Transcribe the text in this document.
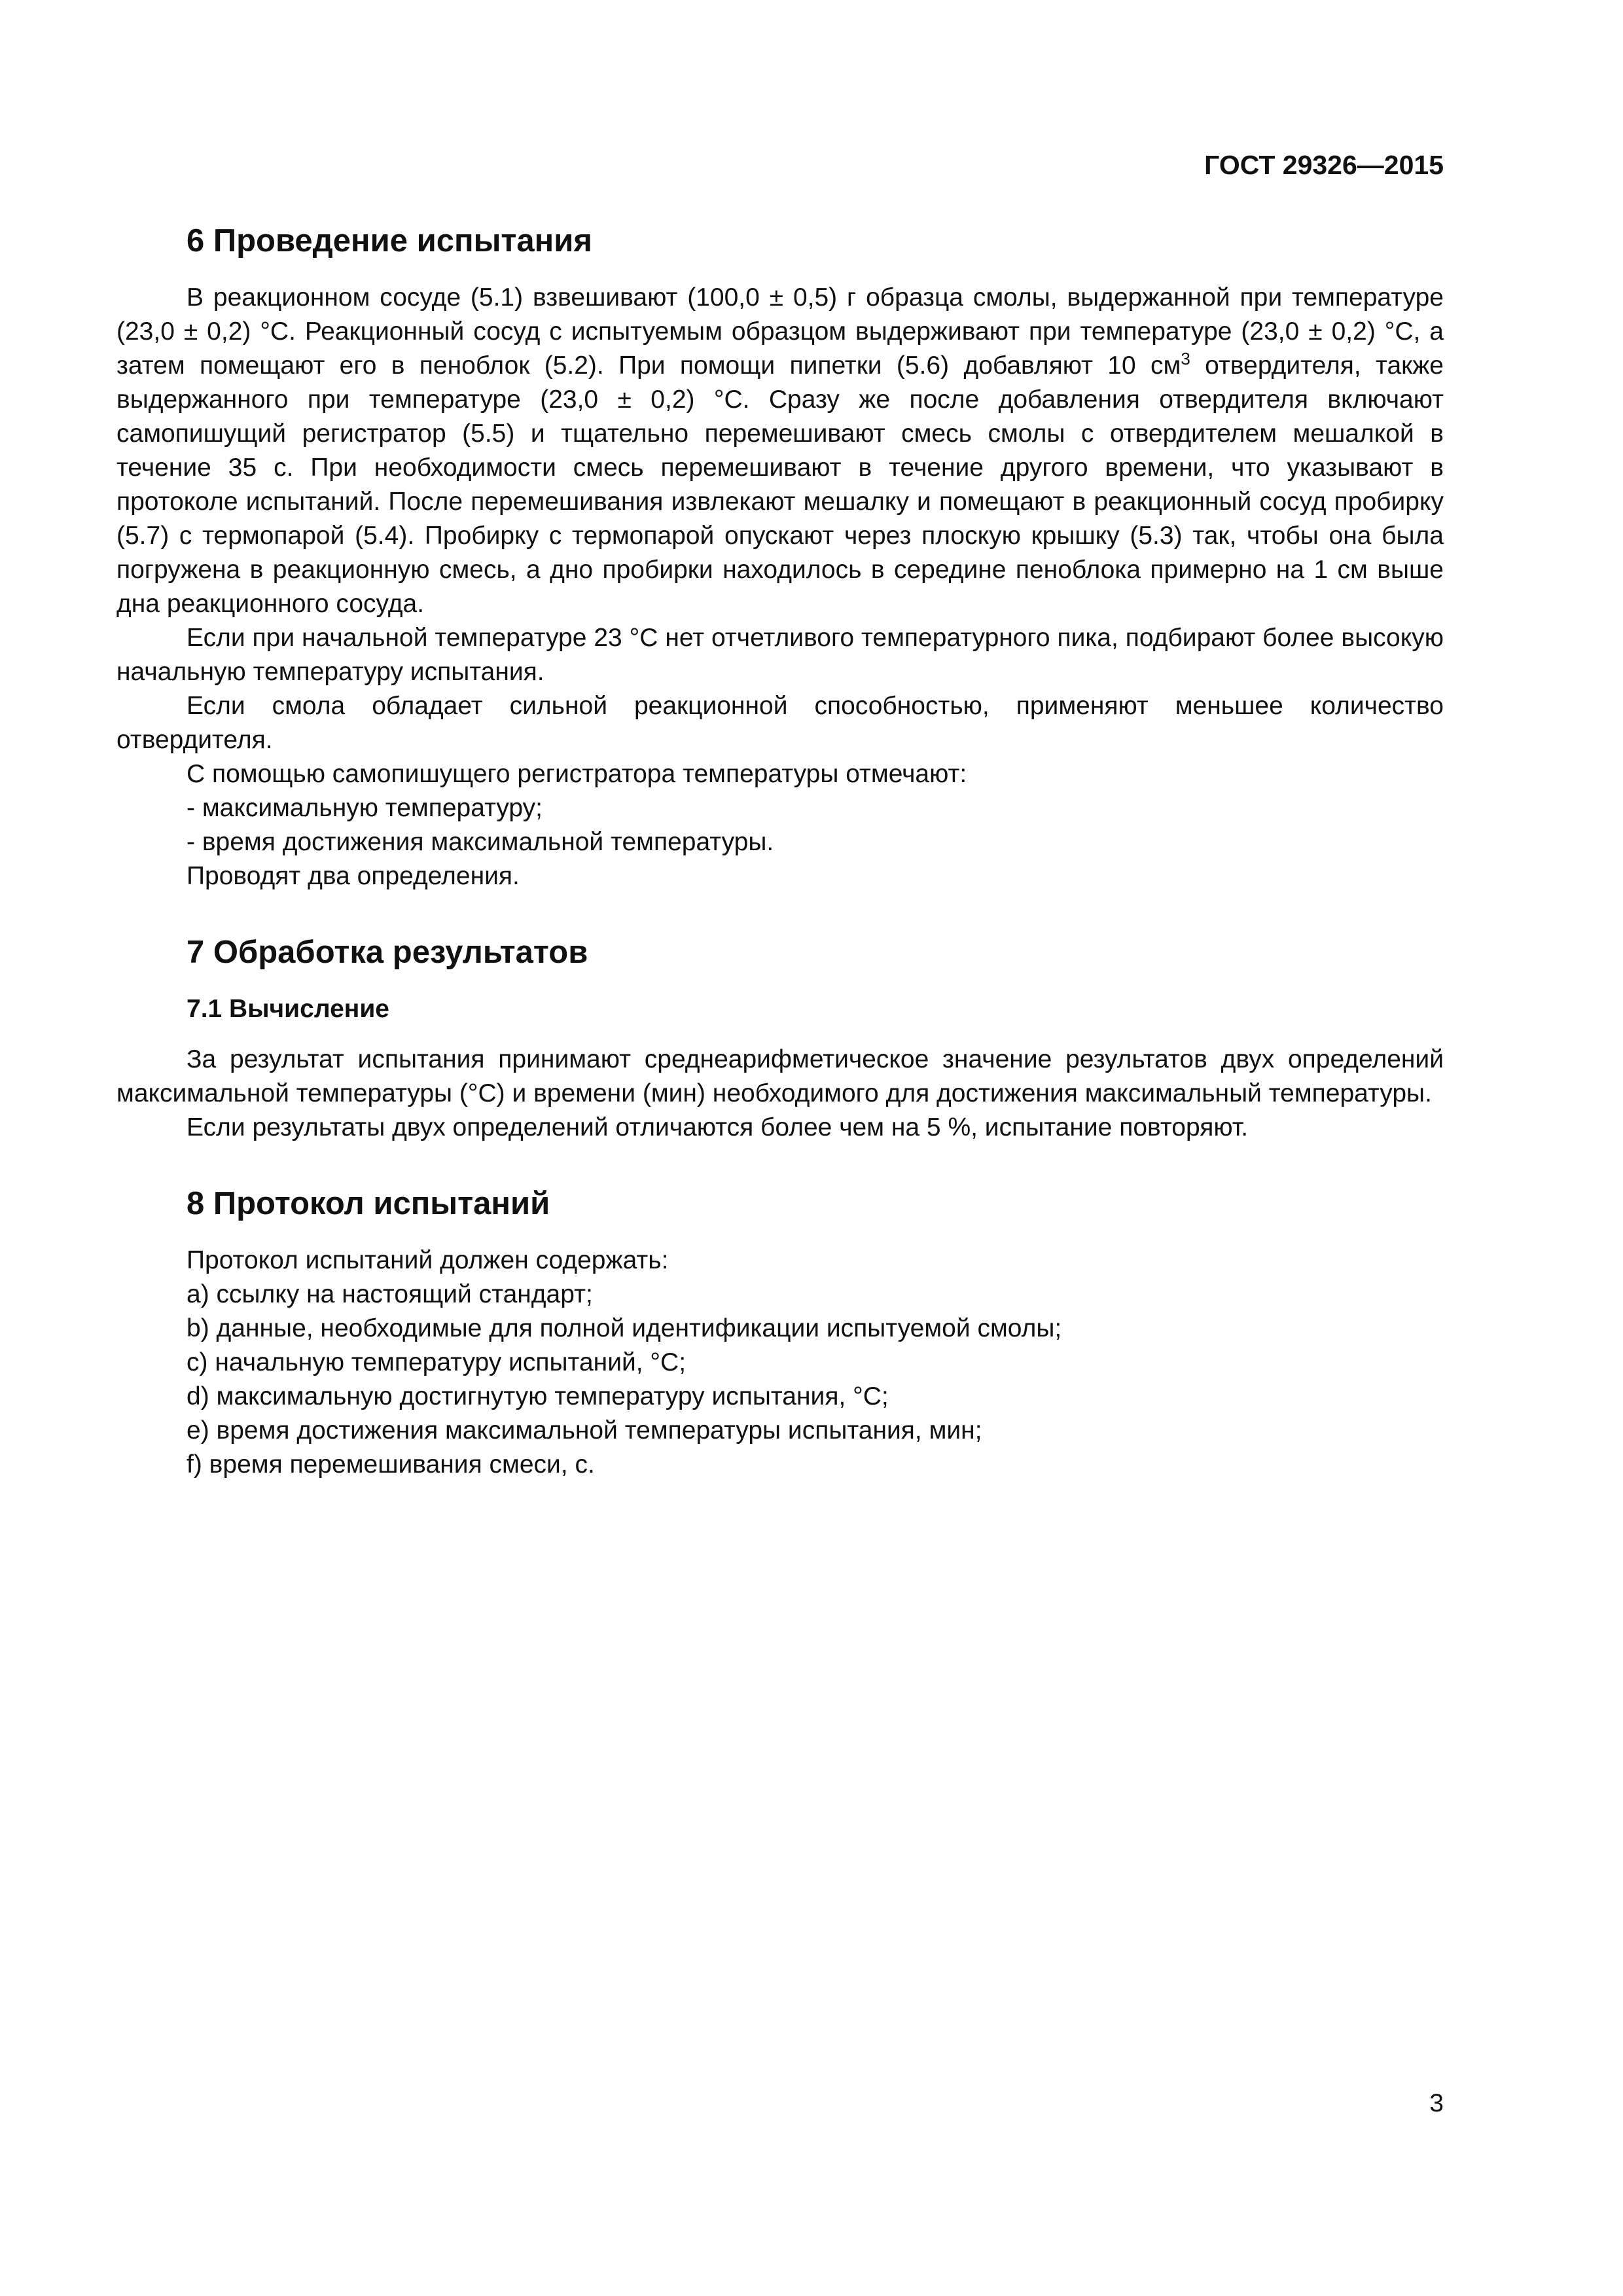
ГОСТ 29326—2015
6 Проведение испытания

В реакционном сосуде (5.1) взвешивают (100,0 ± 0,5) г образца смолы, выдержанной при температуре (23,0 ± 0,2) °С. Реакционный сосуд с испытуемым образцом выдерживают при температуре (23,0 ± 0,2) °С, а затем помещают его в пеноблок (5.2). При помощи пипетки (5.6) добавляют 10 $см^3$ отвердителя, также выдержанного при температуре (23,0 ± 0,2) °С. Сразу же после добавления отвердителя включают самопишущий регистратор (5.5) и тщательно перемешивают смесь смолы с отвердителем мешалкой в течение 35 с. При необходимости смесь перемешивают в течение другого времени, что указывают в протоколе испытаний. После перемешивания извлекают мешалку и помещают в реакционный сосуд пробирку (5.7) с термопарой (5.4). Пробирку с термопарой опускают через плоскую крышку (5.3) так, чтобы она была погружена в реакционную смесь, а дно пробирки находилось в середине пеноблока примерно на 1 см выше дна реакционного сосуда.

Если при начальной температуре 23 °С нет отчетливого температурного пика, подбирают более высокую начальную температуру испытания.

Если смола обладает сильной реакционной способностью, применяют меньшее количество отвердителя.

С помощью самопишущего регистратора температуры отмечают:

- максимальную температуру;
- время достижения максимальной температуры.

Проводят два определения.

7 Обработка результатов
7.1 Вычисление

За результат испытания принимают среднеарифметическое значение результатов двух определений максимальной температуры (°С) и времени (мин) необходимого для достижения максимальный температуры.

Если результаты двух определений отличаются более чем на 5 %, испытание повторяют.

8 Протокол испытаний
Протокол испытаний должен содержать:
a) ссылку на настоящий стандарт;
b) данные, необходимые для полной идентификации испытуемой смолы;
c) начальную температуру испытаний, °С;
d) максимальную достигнутую температуру испытания, °С;
e) время достижения максимальной температуры испытания, мин;
f) время перемешивания смеси, с.
3
